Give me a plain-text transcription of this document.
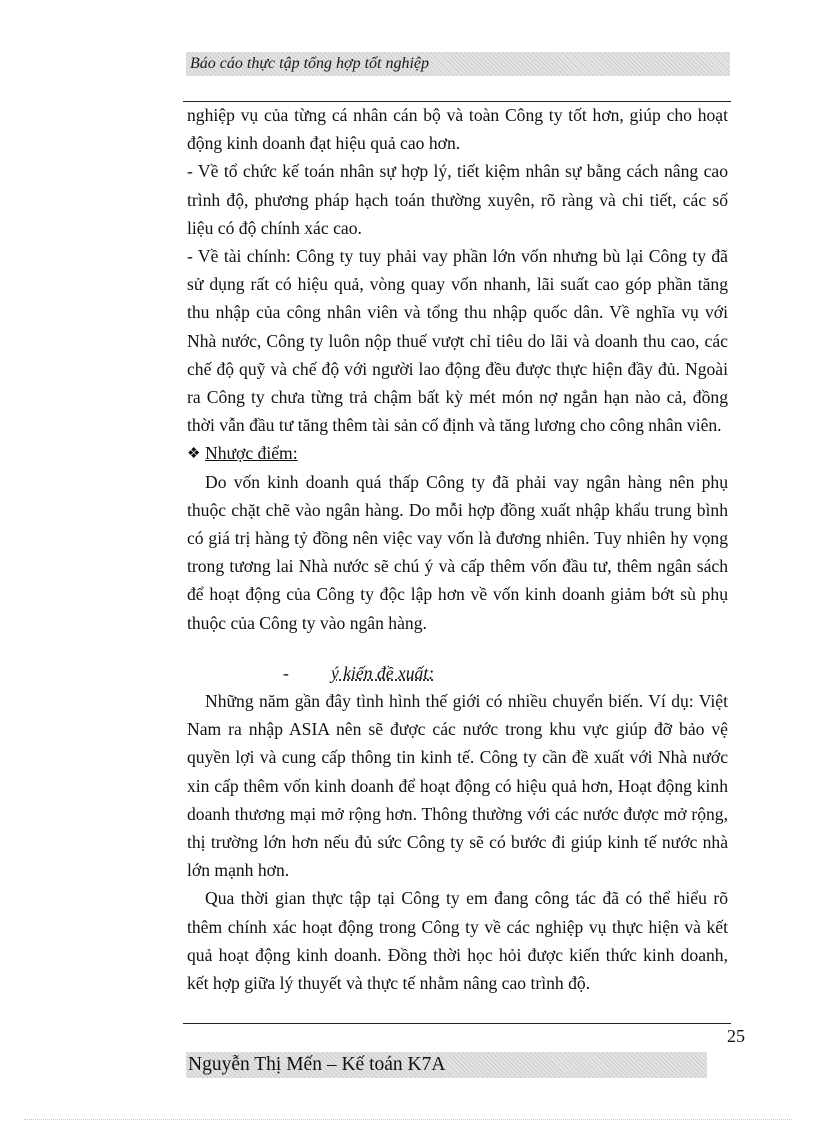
Báo cáo thực tập tổng hợp tốt nghiệp

nghiệp vụ của từng cá nhân cán bộ và toàn Công ty tốt hơn, giúp cho hoạt động kinh doanh đạt hiệu quả cao hơn.

- Về tổ chức kế toán nhân sự hợp lý, tiết kiệm nhân sự bằng cách nâng cao trình độ, phương pháp hạch toán thường xuyên, rõ ràng và chi tiết, các số liệu có độ chính xác cao.

- Về tài chính: Công ty tuy phải vay phần lớn vốn nhưng bù lại Công ty đã sử dụng rất có hiệu quả, vòng quay vốn nhanh, lãi suất cao góp phần tăng thu nhập của công nhân viên và tổng thu nhập quốc dân. Về nghĩa vụ với Nhà nước, Công ty luôn nộp thuế vượt chỉ tiêu do lãi và doanh thu cao, các chế độ quỹ và chế độ với người lao động đều được thực hiện đầy đủ. Ngoài ra Công ty chưa từng trả chậm bất kỳ mét món nợ ngắn hạn nào cả, đồng thời vẫn đầu tư tăng thêm tài sản cố định và tăng lương cho công nhân viên.

❖ Nhược điểm:

Do vốn kinh doanh quá thấp Công ty đã phải vay ngân hàng nên phụ thuộc chặt chẽ vào ngân hàng. Do mỗi hợp đồng xuất nhập khẩu trung bình có giá trị hàng tỷ đồng nên việc vay vốn là đương nhiên. Tuy nhiên hy vọng trong tương lai Nhà nước sẽ chú ý và cấp thêm vốn đầu tư, thêm ngân sách để hoạt động của Công ty độc lập hơn về vốn kinh doanh giảm bớt sù phụ thuộc của Công ty vào ngân hàng.

-	ý kiến đề xuất:

Những năm gần đây tình hình thế giới có nhiều chuyển biến. Ví dụ: Việt Nam ra nhập ASIA nên sẽ được các nước trong khu vực giúp đỡ bảo vệ quyền lợi và cung cấp thông tin kinh tế. Công ty cần đề xuất với Nhà nước xin cấp thêm vốn kinh doanh để hoạt động có hiệu quả hơn, Hoạt động kinh doanh thương mại mở rộng hơn. Thông thường với các nước được mở rộng, thị trường lớn hơn nếu đủ sức Công ty sẽ có bước đi giúp kinh tế nước nhà lớn mạnh hơn.

Qua thời gian thực tập tại Công ty em đang công tác đã có thể hiểu rõ thêm chính xác hoạt động trong Công ty về các nghiệp vụ thực hiện và kết quả hoạt động kinh doanh. Đồng thời học hỏi được kiến thức kinh doanh, kết hợp giữa lý thuyết và thực tế nhằm nâng cao trình độ.

25
Nguyễn Thị Mến – Kế toán K7A
